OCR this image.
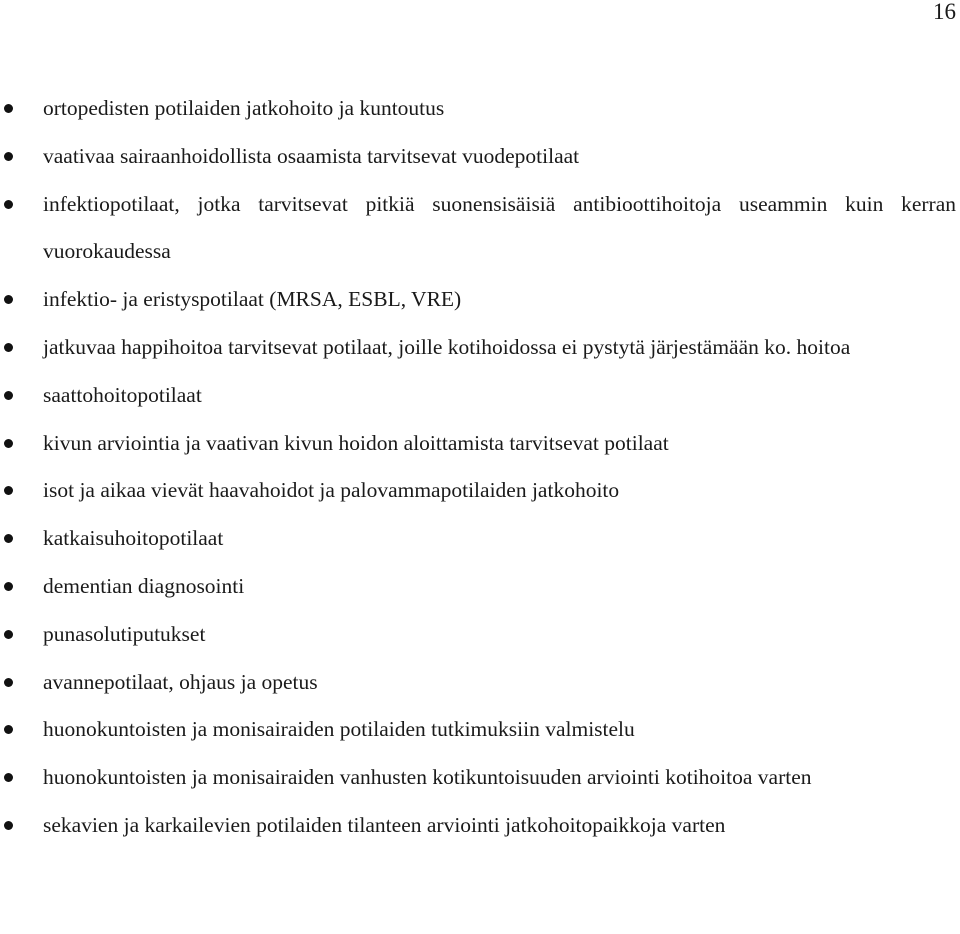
16
ortopedisten potilaiden jatkohoito ja kuntoutus
vaativaa sairaanhoidollista osaamista tarvitsevat vuodepotilaat
infektiopotilaat, jotka tarvitsevat pitkiä suonensisäisiä antibioottihoitoja useammin kuin kerran vuorokaudessa
infektio- ja eristyspotilaat (MRSA, ESBL, VRE)
jatkuvaa happihoitoa tarvitsevat potilaat, joille kotihoidossa ei pystytä järjestämään ko. hoitoa
saattohoitopotilaat
kivun arviointia ja vaativan kivun hoidon aloittamista tarvitsevat potilaat
isot ja aikaa vievät haavahoidot ja palovammapotilaiden jatkohoito
katkaisuhoitopotilaat
dementian diagnosointi
punasolutiputukset
avannepotilaat, ohjaus ja opetus
huonokuntoisten ja monisairaiden potilaiden tutkimuksiin valmistelu
huonokuntoisten ja monisairaiden vanhusten kotikuntoisuuden arviointi kotihoitoa varten
sekavien ja karkailevien potilaiden tilanteen arviointi jatkohoitopaikkoja varten
